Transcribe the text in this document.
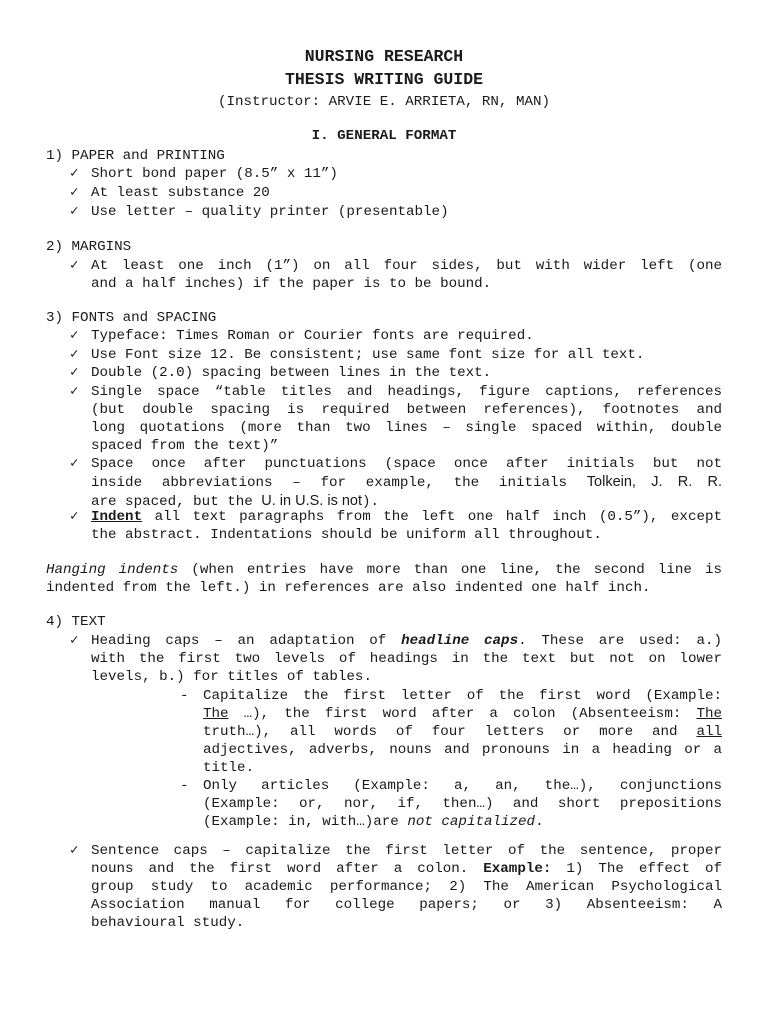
NURSING RESEARCH
THESIS WRITING GUIDE
(Instructor: ARVIE E. ARRIETA, RN, MAN)
I. GENERAL FORMAT
1) PAPER and PRINTING
✓ Short bond paper (8.5” x 11”)
✓ At least substance 20
✓ Use letter – quality printer (presentable)
2) MARGINS
✓ At least one inch (1”) on all four sides, but with wider left (one

and a half inches) if the paper is to be bound.

3) FONTS and SPACING
✓ Typeface: Times Roman or Courier fonts are required.
✓ Use Font size 12. Be consistent; use same font size for all text.
✓ Double (2.0) spacing between lines in the text.
✓ Single space “table titles and headings, figure captions, references

(but double spacing is required between references), footnotes and

long quotations (more than two lines – single spaced within, double

spaced from the text)”

✓ Space once after punctuations (space once after initials but not

inside abbreviations – for example, the initials Tolkein, J. R. R.

are spaced, but the U. in U.S. is not).

✓ Indent all text paragraphs from the left one half inch (0.5”), except

the abstract. Indentations should be uniform all throughout.

Hanging indents (when entries have more than one line, the second line is

indented from the left.) in references are also indented one half inch.

4) TEXT
✓ Heading caps – an adaptation of headline caps. These are used: a.)

with the first two levels of headings in the text but not on lower

levels, b.) for titles of tables.

- Capitalize the first letter of the first word (Example:

The …), the first word after a colon (Absenteeism: The

truth…), all words of four letters or more and all

adjectives, adverbs, nouns and pronouns in a heading or a

title.

- Only articles (Example: a, an, the…), conjunctions

(Example: or, nor, if, then…) and short prepositions

(Example: in, with…)are not capitalized.

✓ Sentence caps – capitalize the first letter of the sentence, proper

nouns and the first word after a colon. Example: 1) The effect of

group study to academic performance; 2) The American Psychological

Association manual for college papers; or 3) Absenteeism: A

behavioural study.
